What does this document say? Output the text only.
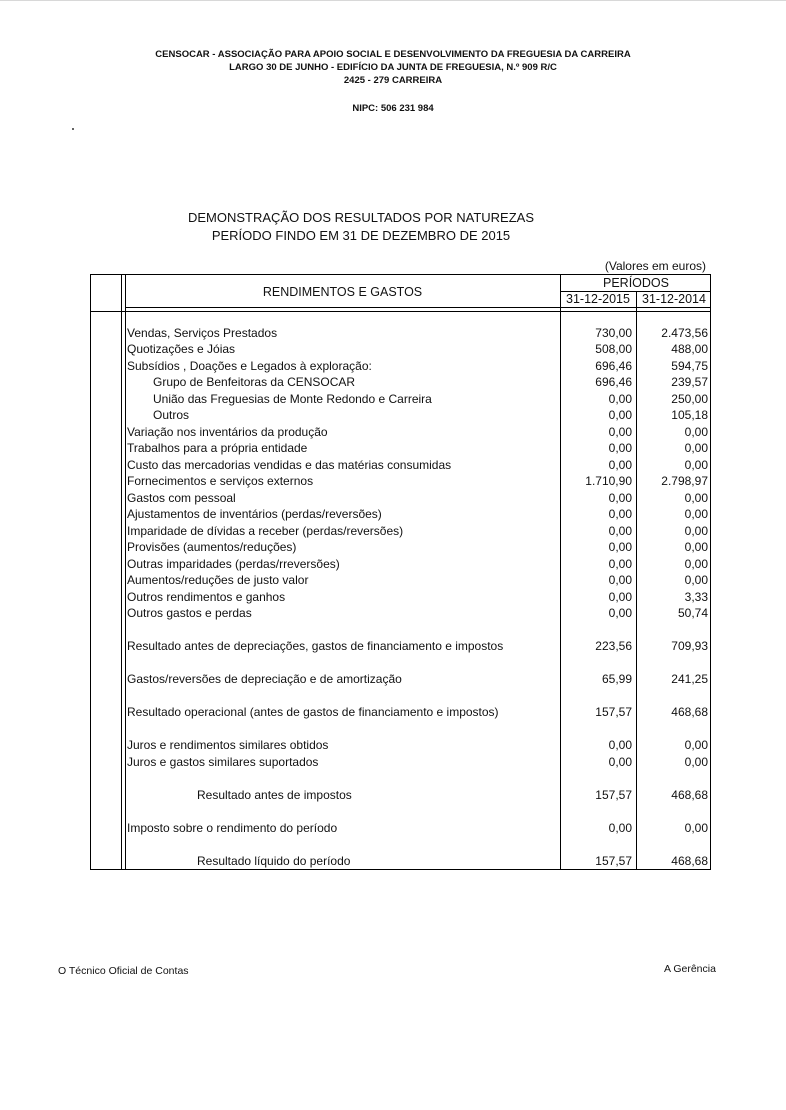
CENSOCAR - ASSOCIAÇÃO PARA APOIO SOCIAL E DESENVOLVIMENTO DA FREGUESIA DA CARREIRA
LARGO 30 DE JUNHO - EDIFÍCIO DA JUNTA DE FREGUESIA, N.º 909 R/C
2425 - 279 CARREIRA
NIPC: 506 231 984
DEMONSTRAÇÃO DOS RESULTADOS POR NATUREZAS
PERÍODO FINDO EM 31 DE DEZEMBRO DE 2015
(Valores em euros)
RENDIMENTOS E GASTOS
PERÍODOS
31-12-2015 31-12-2014
Vendas, Serviços Prestados	730,00	2.473,56
Quotizações e Jóias	508,00	488,00
Subsídios , Doações e Legados à exploração:	696,46	594,75
Grupo de Benfeitoras da CENSOCAR	696,46	239,57
União das Freguesias de Monte Redondo e Carreira	0,00	250,00
Outros	0,00	105,18
Variação nos inventários da produção	0,00	0,00
Trabalhos para a própria entidade	0,00	0,00
Custo das mercadorias vendidas e das matérias consumidas	0,00	0,00
Fornecimentos e serviços externos	1.710,90	2.798,97
Gastos com pessoal	0,00	0,00
Ajustamentos de inventários (perdas/reversões)	0,00	0,00
Imparidade de dívidas a receber (perdas/reversões)	0,00	0,00
Provisões (aumentos/reduções)	0,00	0,00
Outras imparidades (perdas/rreversões)	0,00	0,00
Aumentos/reduções de justo valor	0,00	0,00
Outros rendimentos e ganhos	0,00	3,33
Outros gastos e perdas	0,00	50,74
Resultado antes de depreciações, gastos de financiamento e impostos	223,56	709,93
Gastos/reversões de depreciação e de amortização	65,99	241,25
Resultado operacional (antes de gastos de financiamento e impostos)	157,57	468,68
Juros e rendimentos similares obtidos	0,00	0,00
Juros e gastos similares suportados	0,00	0,00
Resultado antes de impostos	157,57	468,68
Imposto sobre o rendimento do período	0,00	0,00
Resultado líquido do período	157,57	468,68
O Técnico Oficial de Contas	A Gerência
